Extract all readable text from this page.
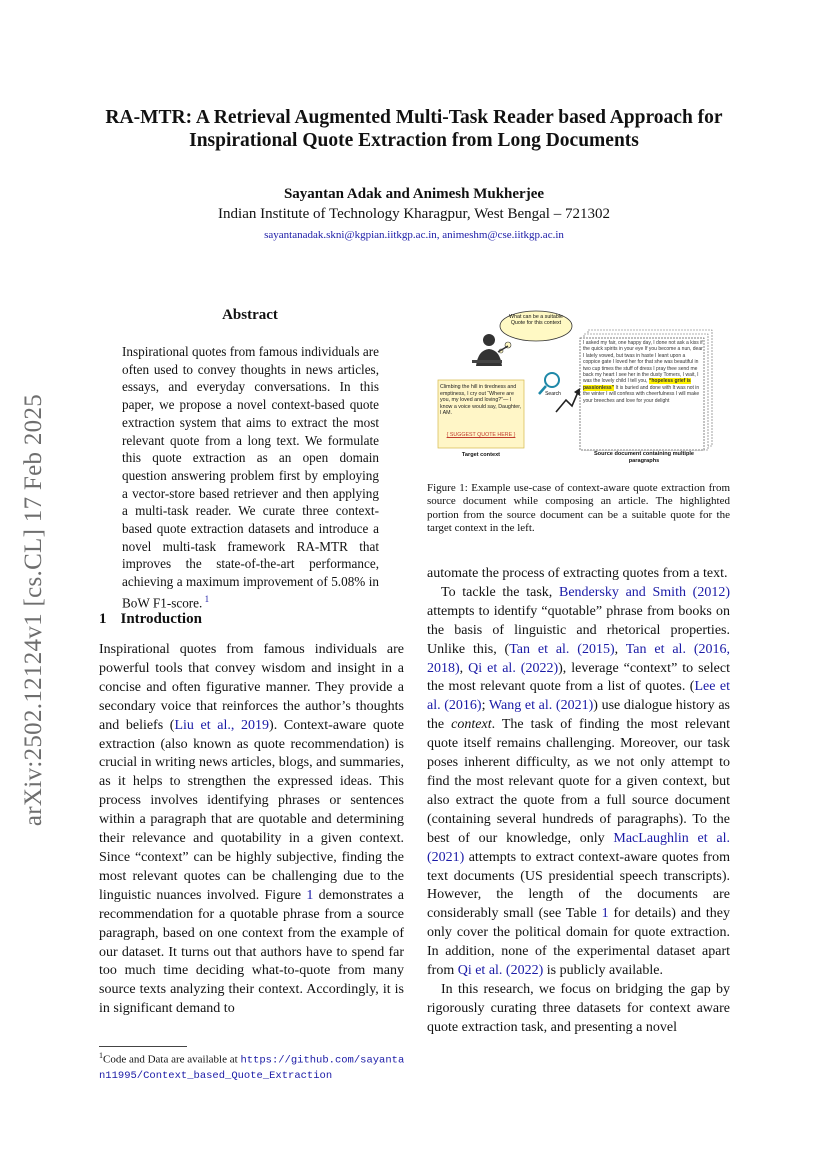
RA-MTR: A Retrieval Augmented Multi-Task Reader based Approach for
Inspirational Quote Extraction from Long Documents
Sayantan Adak and Animesh Mukherjee
Indian Institute of Technology Kharagpur, West Bengal – 721302
sayantanadak.skni@kgpian.iitkgp.ac.in, animeshm@cse.iitkgp.ac.in
arXiv:2502.12124v1 [cs.CL] 17 Feb 2025
Abstract
Inspirational quotes from famous individuals are often used to convey thoughts in news articles, essays, and everyday conversations. In this paper, we propose a novel context-based quote extraction system that aims to extract the most relevant quote from a long text. We formulate this quote extraction as an open domain question answering problem first by employing a vector-store based retriever and then applying a multi-task reader. We curate three context-based quote extraction datasets and introduce a novel multi-task framework RA-MTR that improves the state-of-the-art performance, achieving a maximum improvement of 5.08% in BoW F1-score. $^1$
1 Introduction

Inspirational quotes from famous individuals are powerful tools that convey wisdom and insight in a concise and often figurative manner. They provide a secondary voice that reinforces the author’s thoughts and beliefs (Liu et al., 2019). Context-aware quote extraction (also known as quote recommendation) is crucial in writing news articles, blogs, and summaries, as it helps to strengthen the expressed ideas. This process involves identifying phrases or sentences within a paragraph that are quotable and determining their relevance and quotability in a given context. Since “context” can be highly subjective, finding the most relevant quotes can be challenging due to the linguistic nuances involved. Figure 1 demonstrates a recommendation for a quotable phrase from a source paragraph, based on one context from the example of our dataset. It turns out that authors have to spend far too much time deciding what-to-quote from many source texts analyzing their context. Accordingly, it is in significant demand to

$^1$Code and Data are available at https://github.com/sayantan11995/Context_based_Quote_Extraction
What can be a suitable Quote for this context
Climbing the hill in tiredness and emptiness, I cry out “Where are you, my loved and loving?”— I know a voice would say, Daughter, I AM.
{ SUGGEST QUOTE HERE }
Target context
Search
I asked my fair, one happy day, I done not ask a kiss if the quick spirits in your eye If you become a nun, dear I lately vowed, but twas in haste I leant upon a coppice gate I loved her for that she was beautiful in two cup times the stuff of dress I pray thee send me back my heart I see her in the dusty Tomers, I wait, I was the lovely child I tell you, “hopeless grief is passionless” It is buried and done with It was not in the winter I will confess with cheerfulness I will make your breeches and love for your delight
Source document containing multiple paragraphs
Figure 1: Example use-case of context-aware quote extraction from source document while composing an article. The highlighted portion from the source document can be a suitable quote for the target context in the left.

automate the process of extracting quotes from a text.

To tackle the task, Bendersky and Smith (2012) attempts to identify “quotable” phrase from books on the basis of linguistic and rhetorical properties. Unlike this, (Tan et al. (2015), Tan et al. (2016, 2018), Qi et al. (2022)), leverage “context” to select the most relevant quote from a list of quotes. (Lee et al. (2016); Wang et al. (2021)) use dialogue history as the context. The task of finding the most relevant quote itself remains challenging. Moreover, our task poses inherent difficulty, as we not only attempt to find the most relevant quote for a given context, but also extract the quote from a full source document (containing several hundreds of paragraphs). To the best of our knowledge, only MacLaughlin et al. (2021) attempts to extract context-aware quotes from text documents (US presidential speech transcripts). However, the length of the documents are considerably small (see Table 1 for details) and they only cover the political domain for quote extraction. In addition, none of the experimental dataset apart from Qi et al. (2022) is publicly available.

In this research, we focus on bridging the gap by rigorously curating three datasets for context aware quote extraction task, and presenting a novel
